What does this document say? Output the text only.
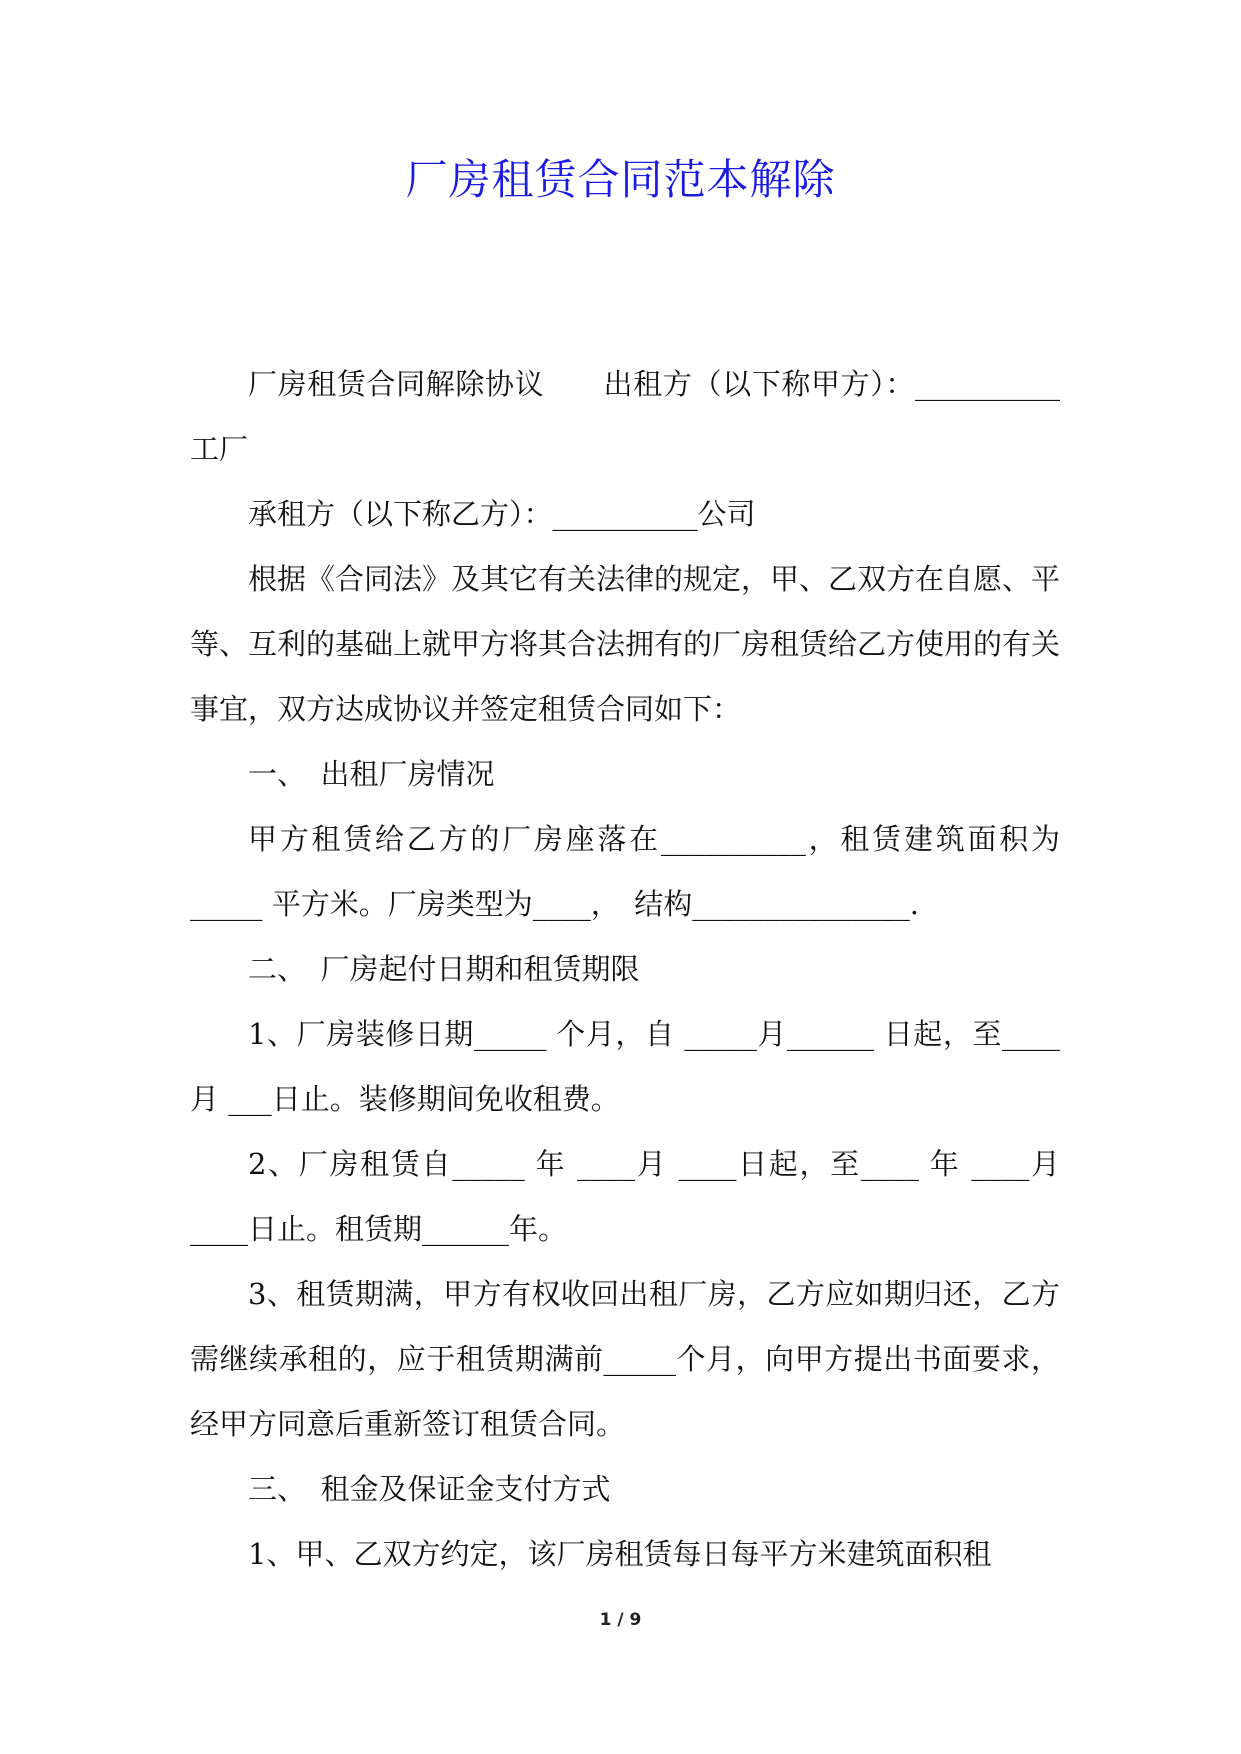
厂房租赁合同范本解除

厂房租赁合同解除协议　　出租方（以下称甲方）：__________工厂

承租方（以下称乙方）：__________公司

根据《合同法》及其它有关法律的规定，甲、乙双方在自愿、平等、互利的基础上就甲方将其合法拥有的厂房租赁给乙方使用的有关事宜，双方达成协议并签定租赁合同如下：

一、　出租厂房情况

甲方租赁给乙方的厂房座落在__________，租赁建筑面积为_____ 平方米。厂房类型为____，　结构_______________.

二、　厂房起付日期和租赁期限

1、厂房装修日期_____ 个月，自 _____月______ 日起，至____月 ___日止。装修期间免收租费。

2、厂房租赁自_____ 年 ____月 ____日起，至____ 年 ____月____日止。租赁期______年。

3、租赁期满，甲方有权收回出租厂房，乙方应如期归还，乙方需继续承租的，应于租赁期满前_____个月，向甲方提出书面要求，经甲方同意后重新签订租赁合同。

三、　租金及保证金支付方式

1、甲、乙双方约定，该厂房租赁每日每平方米建筑面积租

1 / 9
